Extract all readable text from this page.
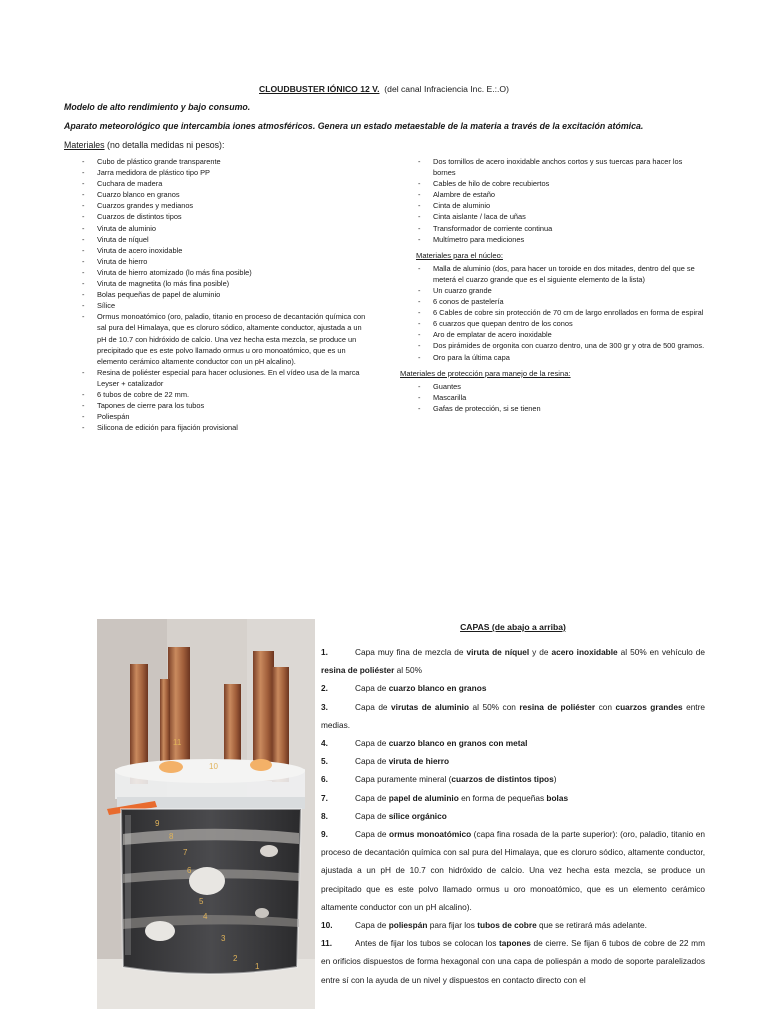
CLOUDBUSTER IÓNICO 12 V. (del canal Infraciencia Inc. E.:.O)
Modelo de alto rendimiento y bajo consumo.
Aparato meteorológico que intercambia iones atmosféricos. Genera un estado metaestable de la materia a través de la excitación atómica.
Materiales (no detalla medidas ni pesos):
- Cubo de plástico grande transparente
- Jarra medidora de plástico tipo PP
- Cuchara de madera
- Cuarzo blanco en granos
- Cuarzos grandes y medianos
- Cuarzos de distintos tipos
- Viruta de aluminio
- Viruta de níquel
- Viruta de acero inoxidable
- Viruta de hierro
- Viruta de hierro atomizado (lo más fina posible)
- Viruta de magnetita (lo más fina posible)
- Bolas pequeñas de papel de aluminio
- Sílice
- Ormus monoatómico (oro, paladio, titanio en proceso de decantación química con sal pura del Himalaya, que es cloruro sódico, altamente conductor, ajustada a un pH de 10.7 con hidróxido de calcio. Una vez hecha esta mezcla, se produce un precipitado que es este polvo llamado ormus u oro monoatómico, que es un elemento cerámico altamente conductor con un pH alcalino).
- Resina de poliéster especial para hacer oclusiones. En el vídeo usa de la marca Leyser + catalizador
- 6 tubos de cobre de 22 mm.
- Tapones de cierre para los tubos
- Poliespán
- Silicona de edición para fijación provisional
- Dos tornillos de acero inoxidable anchos cortos y sus tuercas para hacer los bornes
- Cables de hilo de cobre recubiertos
- Alambre de estaño
- Cinta de aluminio
- Cinta aislante / laca de uñas
- Transformador de corriente continua
- Multímetro para mediciones
Materiales para el núcleo:
- Malla de aluminio (dos, para hacer un toroide en dos mitades, dentro del que se meterá el cuarzo grande que es el siguiente elemento de la lista)
- Un cuarzo grande
- 6 conos de pastelería
- 6 Cables de cobre sin protección de 70 cm de largo enrollados en forma de espiral
- 6 cuarzos que quepan dentro de los conos
- Aro de emplatar de acero inoxidable
- Dos pirámides de orgonita con cuarzo dentro, una de 300 gr y otra de 500 gramos.
- Oro para la última capa
Materiales de protección para manejo de la resina:
- Guantes
- Mascarilla
- Gafas de protección, si se tienen
11
10
9
8
7
6
5
4
3
2
1
CAPAS (de abajo a arriba)

1.	Capa muy fina de mezcla de viruta de níquel y de acero inoxidable al 50% en vehículo de resina de poliéster al 50%

2.	Capa de cuarzo blanco en granos

3.	Capa de virutas de aluminio al 50% con resina de poliéster con cuarzos grandes entre medias.

4.	Capa de cuarzo blanco en granos con metal

5.	Capa de viruta de hierro

6.	Capa puramente mineral (cuarzos de distintos tipos)

7.	Capa de papel de aluminio en forma de pequeñas bolas

8.	Capa de sílice orgánico

9.	Capa de ormus monoatómico (capa fina rosada de la parte superior): (oro, paladio, titanio en proceso de decantación química con sal pura del Himalaya, que es cloruro sódico, altamente conductor, ajustada a un pH de 10.7 con hidróxido de calcio. Una vez hecha esta mezcla, se produce un precipitado que es este polvo llamado ormus u oro monoatómico, que es un elemento cerámico altamente conductor con un pH alcalino).

10.	Capa de poliespán para fijar los tubos de cobre que se retirará más adelante.

11.	Antes de fijar los tubos se colocan los tapones de cierre. Se fijan 6 tubos de cobre de 22 mm en orificios dispuestos de forma hexagonal con una capa de poliespán a modo de soporte paralelizados entre sí con la ayuda de un nivel y dispuestos en contacto directo con el
